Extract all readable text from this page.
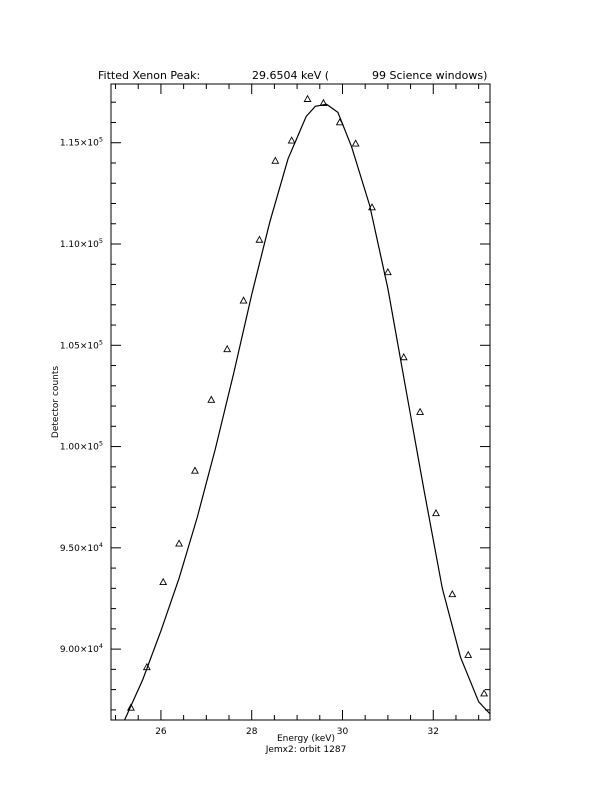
Fitted Xenon Peak:	29.6504 keV (	99 Science windows)
26	28	30	32
$9.00\times 10^4$
$9.50\times 10^4$
$1.00\times 10^5$
$1.05\times 10^5$
$1.10\times 10^5$
$1.15\times 10^5$
Energy (keV)
Jemx2: orbit 1287
Detector counts
